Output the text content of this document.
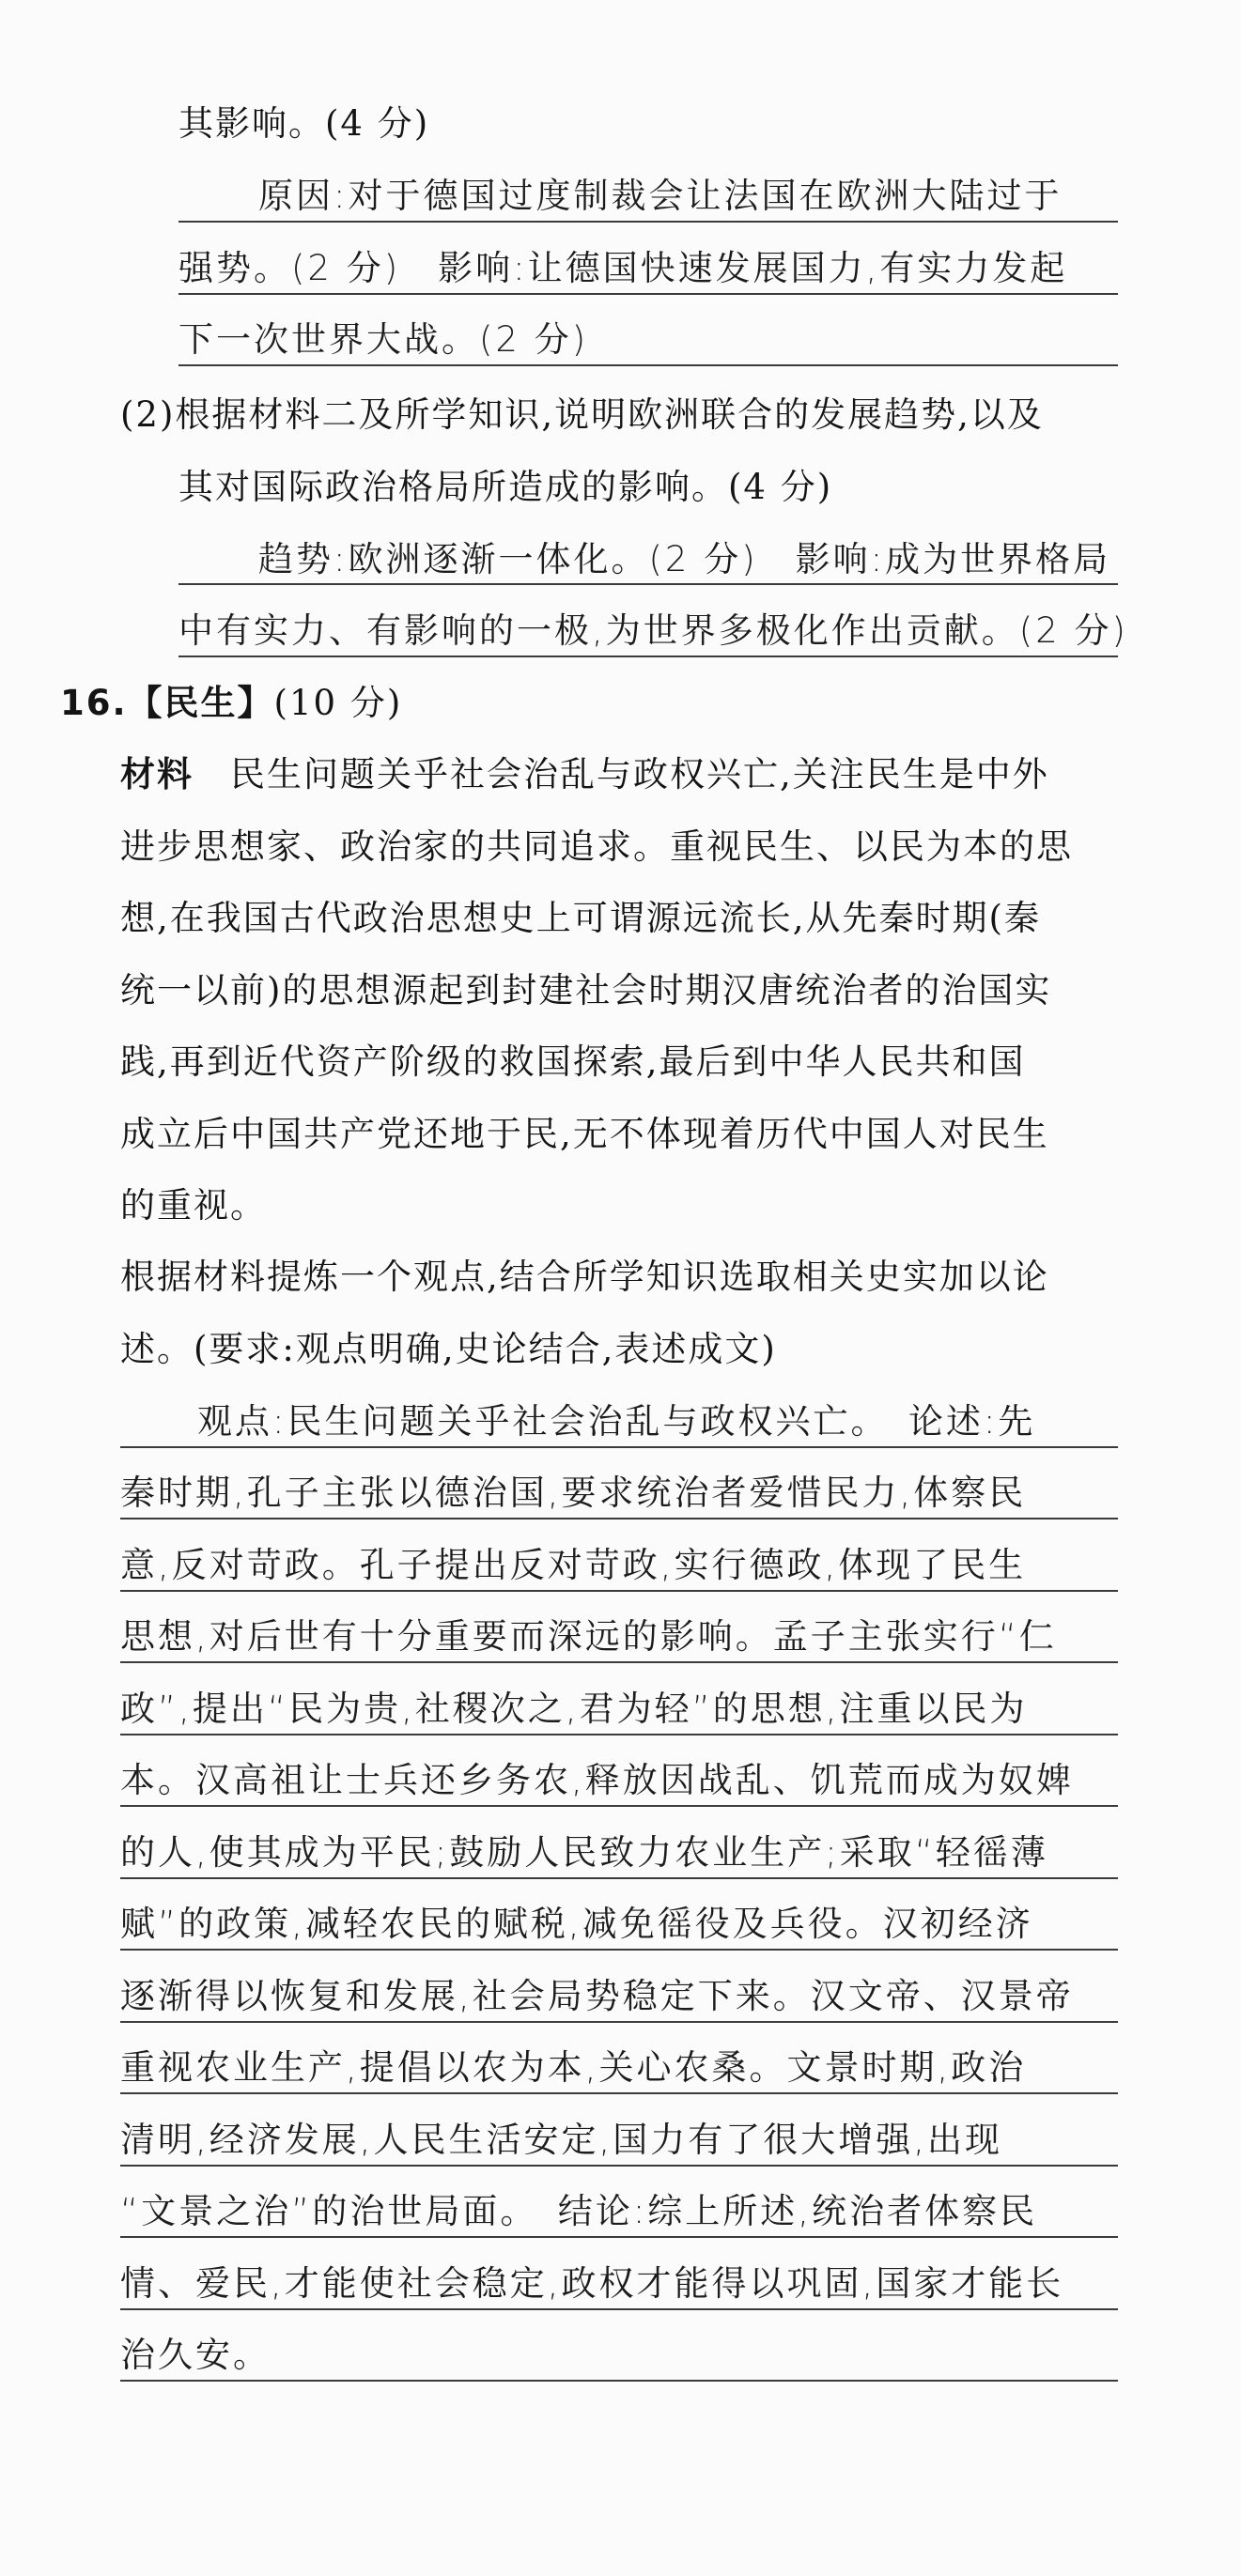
其影响。(4 分)

原因:对于德国过度制裁会让法国在欧洲大陆过于

强势。(2 分)　影响:让德国快速发展国力,有实力发起

下一次世界大战。(2 分)

(2)根据材料二及所学知识,说明欧洲联合的发展趋势,以及

其对国际政治格局所造成的影响。(4 分)

趋势:欧洲逐渐一体化。(2 分)　影响:成为世界格局

中有实力、有影响的一极,为世界多极化作出贡献。(2 分)

16.【民生】(10 分)

材料　 民生问题关乎社会治乱与政权兴亡,关注民生是中外

进步思想家、政治家的共同追求。重视民生、以民为本的思

想,在我国古代政治思想史上可谓源远流长,从先秦时期(秦

统一以前)的思想源起到封建社会时期汉唐统治者的治国实

践,再到近代资产阶级的救国探索,最后到中华人民共和国

成立后中国共产党还地于民,无不体现着历代中国人对民生

的重视。

根据材料提炼一个观点,结合所学知识选取相关史实加以论

述。(要求:观点明确,史论结合,表述成文)

观点:民生问题关乎社会治乱与政权兴亡。　论述:先

秦时期,孔子主张以德治国,要求统治者爱惜民力,体察民

意,反对苛政。孔子提出反对苛政,实行德政,体现了民生

思想,对后世有十分重要而深远的影响。孟子主张实行“仁

政”,提出“民为贵,社稷次之,君为轻”的思想,注重以民为

本。汉高祖让士兵还乡务农,释放因战乱、饥荒而成为奴婢

的人,使其成为平民;鼓励人民致力农业生产;采取“轻徭薄

赋”的政策,减轻农民的赋税,减免徭役及兵役。汉初经济

逐渐得以恢复和发展,社会局势稳定下来。汉文帝、汉景帝

重视农业生产,提倡以农为本,关心农桑。文景时期,政治

清明,经济发展,人民生活安定,国力有了很大增强,出现

“文景之治”的治世局面。　结论:综上所述,统治者体察民

情、爱民,才能使社会稳定,政权才能得以巩固,国家才能长

治久安。
